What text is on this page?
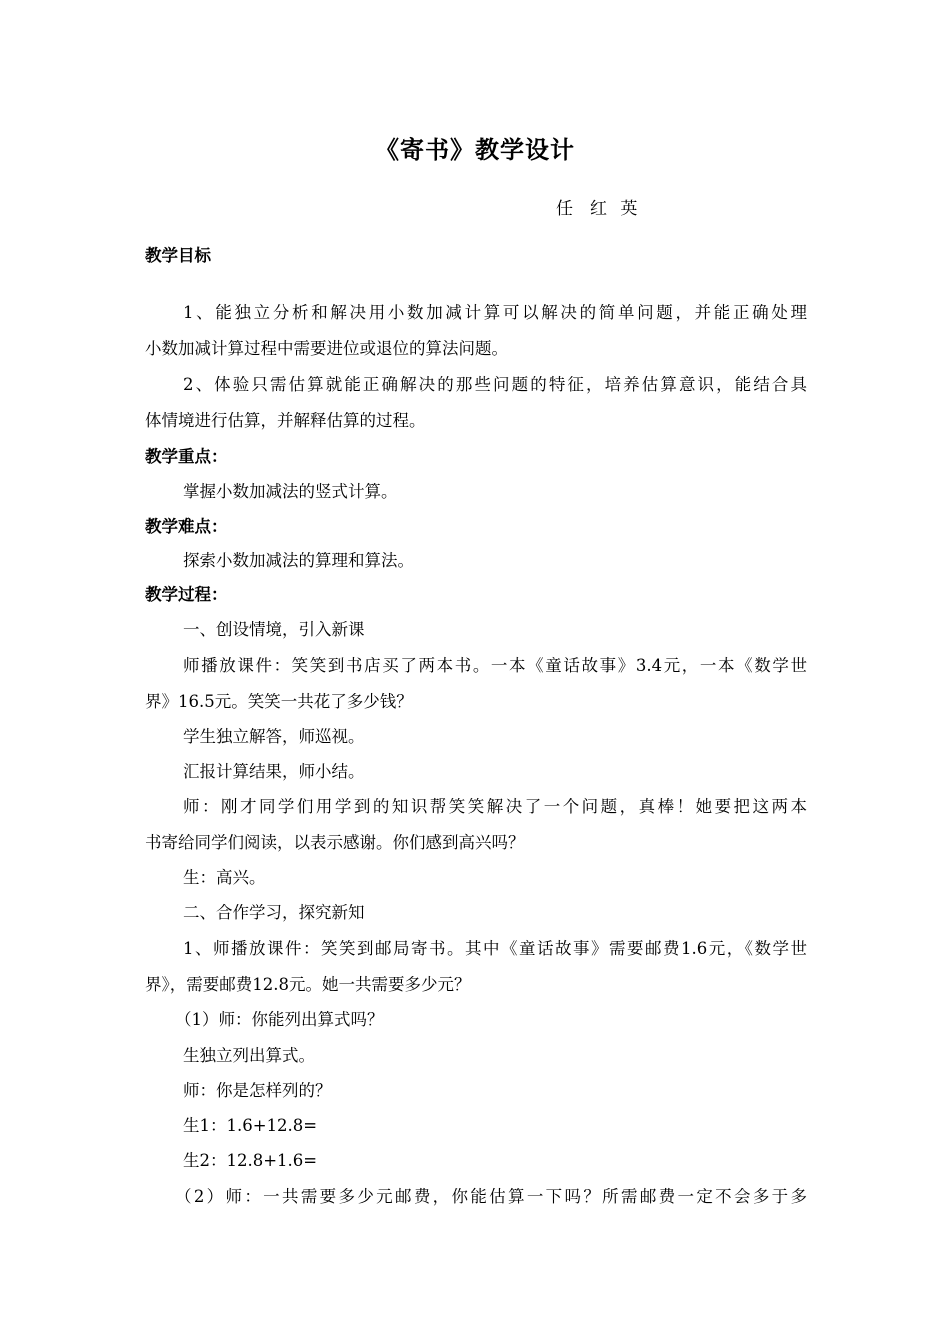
《寄书》教学设计
任　红 英
教学目标
1、能独立分析和解决用小数加减计算可以解决的简单问题，并能正确处理
小数加减计算过程中需要进位或退位的算法问题。
2、体验只需估算就能正确解决的那些问题的特征，培养估算意识，能结合具
体情境进行估算，并解释估算的过程。
教学重点：
掌握小数加减法的竖式计算。
教学难点：
探索小数加减法的算理和算法。
教学过程：
一、创设情境，引入新课
师播放课件：笑笑到书店买了两本书。一本《童话故事》3.4元，一本《数学世
界》16.5元。笑笑一共花了多少钱？
学生独立解答，师巡视。
汇报计算结果，师小结。
师：刚才同学们用学到的知识帮笑笑解决了一个问题，真棒！她要把这两本
书寄给同学们阅读，以表示感谢。你们感到高兴吗？
生：高兴。
二、合作学习，探究新知
1、师播放课件：笑笑到邮局寄书。其中《童话故事》需要邮费1.6元，《数学世
界》，需要邮费12.8元。她一共需要多少元？
（1）师：你能列出算式吗？
生独立列出算式。
师：你是怎样列的？
生1：1.6+12.8=
生2：12.8+1.6=
（2）师：一共需要多少元邮费，你能估算一下吗？所需邮费一定不会多于多
